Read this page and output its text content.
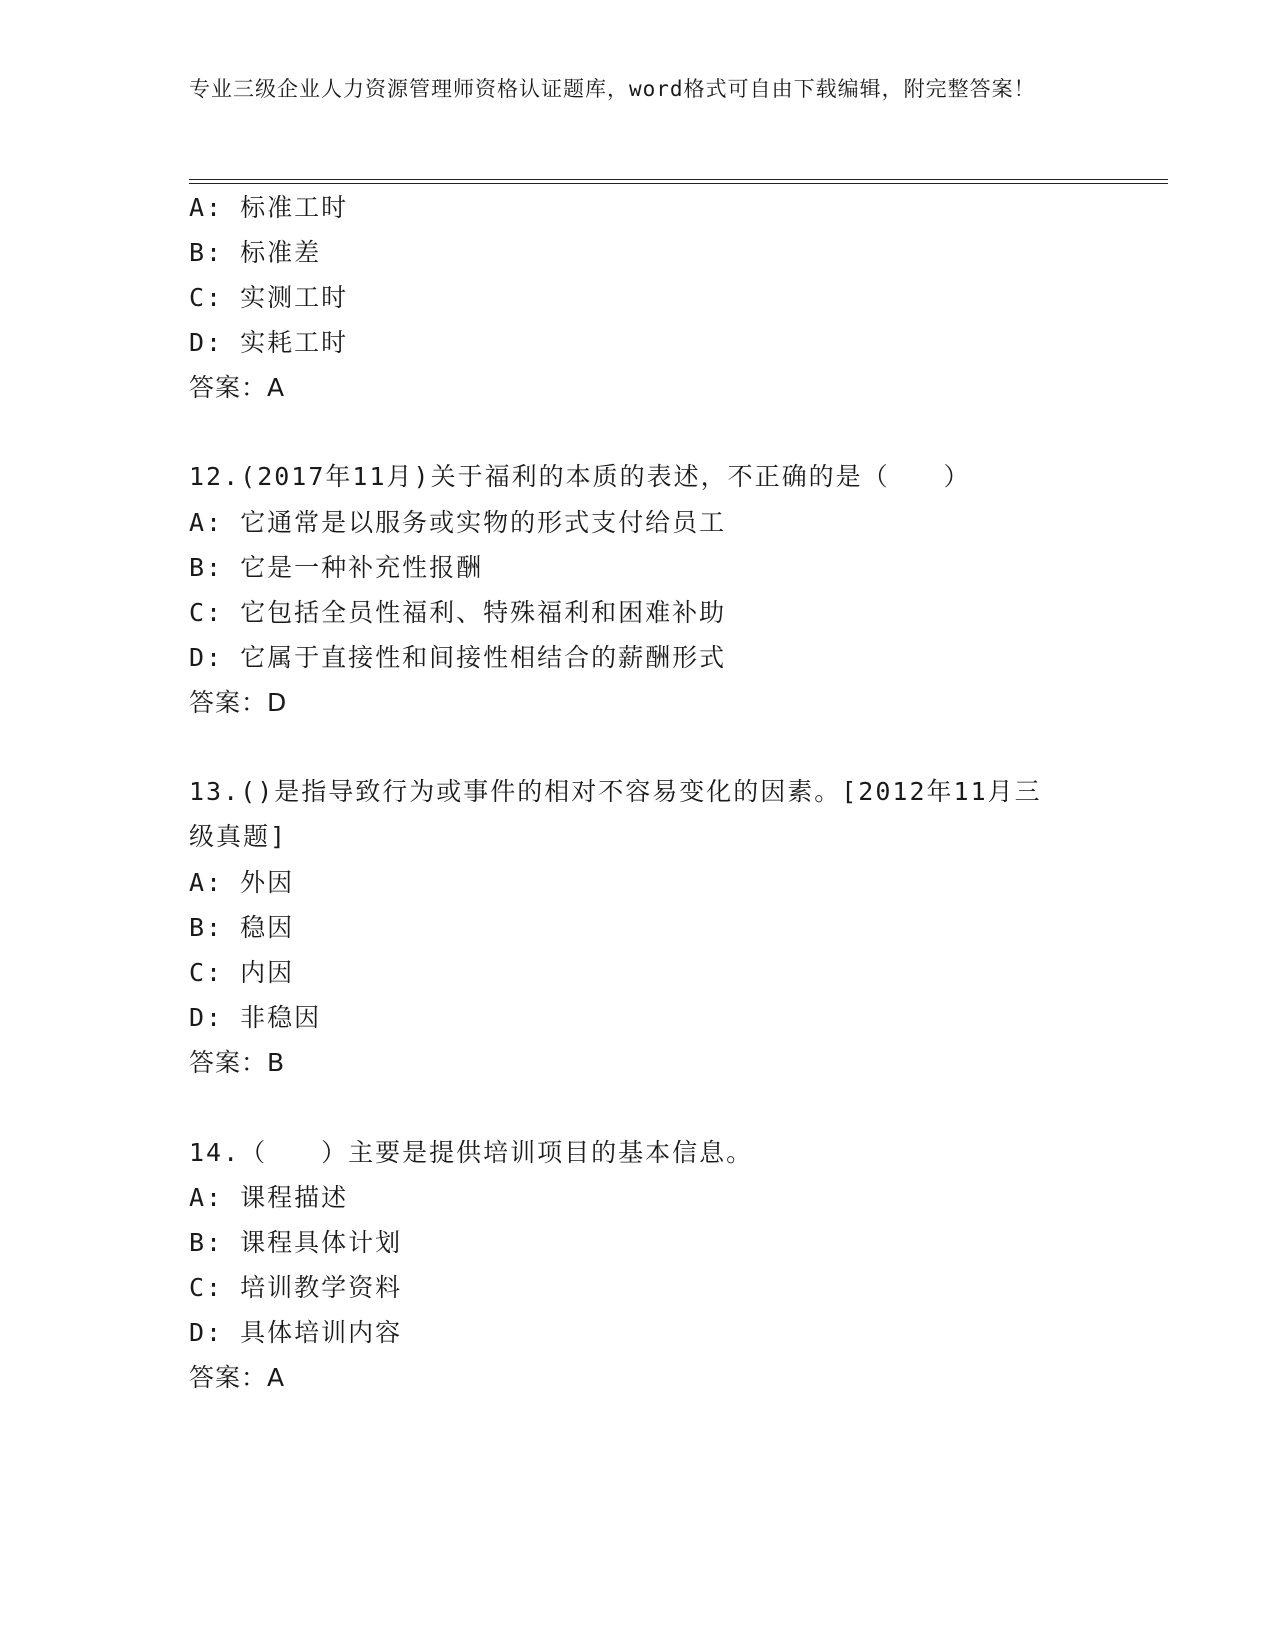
专业三级企业人力资源管理师资格认证题库，word格式可自由下载编辑，附完整答案！
A: 标准工时
B: 标准差
C: 实测工时
D: 实耗工时
答案：A
12.(2017年11月)关于福利的本质的表述，不正确的是（　　）
A: 它通常是以服务或实物的形式支付给员工
B: 它是一种补充性报酬
C: 它包括全员性福利、特殊福利和困难补助
D: 它属于直接性和间接性相结合的薪酬形式
答案：D
13.()是指导致行为或事件的相对不容易变化的因素。[2012年11月三
级真题]
A: 外因
B: 稳因
C: 内因
D: 非稳因
答案：B
14.（　　）主要是提供培训项目的基本信息。
A: 课程描述
B: 课程具体计划
C: 培训教学资料
D: 具体培训内容
答案：A
